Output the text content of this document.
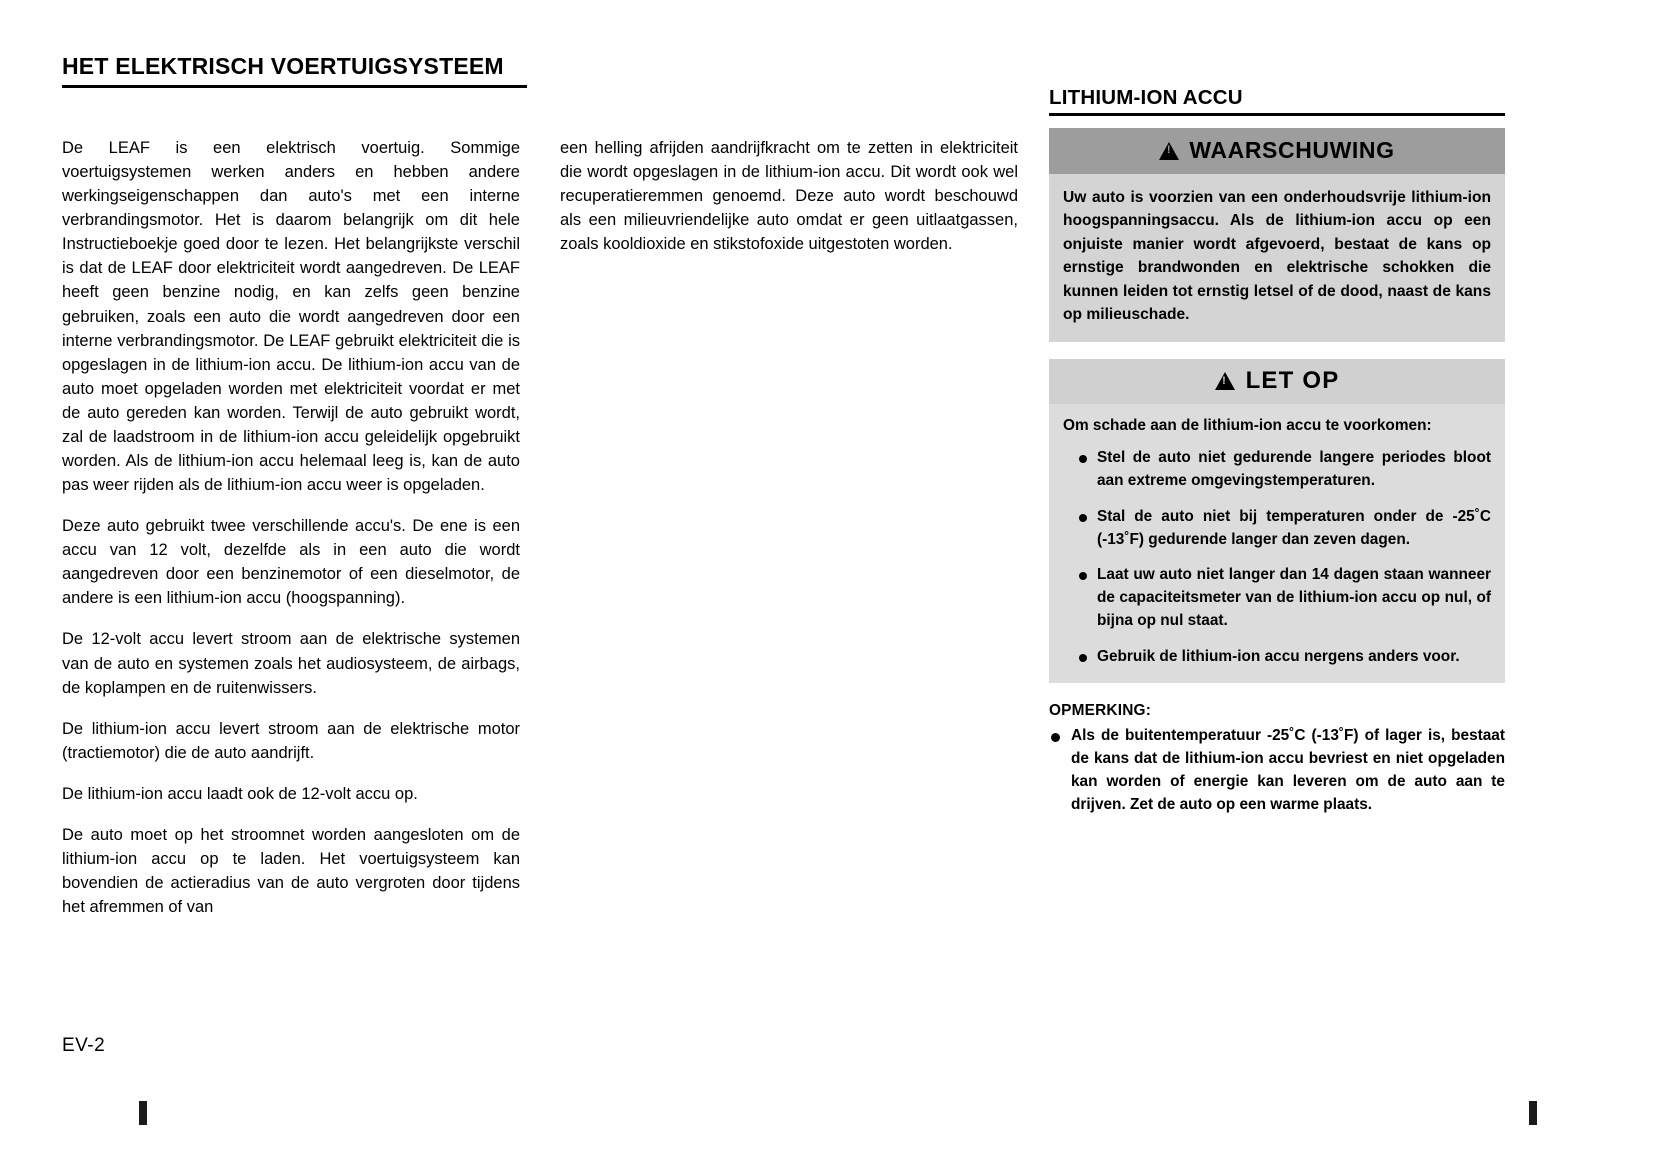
HET ELEKTRISCH VOERTUIGSYSTEEM

De LEAF is een elektrisch voertuig. Sommige voertuigsystemen werken anders en hebben andere werkingseigenschappen dan auto's met een interne verbrandingsmotor. Het is daarom belangrijk om dit hele Instructieboekje goed door te lezen. Het belangrijkste verschil is dat de LEAF door elektriciteit wordt aangedreven. De LEAF heeft geen benzine nodig, en kan zelfs geen benzine gebruiken, zoals een auto die wordt aangedreven door een interne verbrandingsmotor. De LEAF gebruikt elektriciteit die is opgeslagen in de lithium-ion accu. De lithium-ion accu van de auto moet opgeladen worden met elektriciteit voordat er met de auto gereden kan worden. Terwijl de auto gebruikt wordt, zal de laadstroom in de lithium-ion accu geleidelijk opgebruikt worden. Als de lithium-ion accu helemaal leeg is, kan de auto pas weer rijden als de lithium-ion accu weer is opgeladen.

Deze auto gebruikt twee verschillende accu's. De ene is een accu van 12 volt, dezelfde als in een auto die wordt aangedreven door een benzinemotor of een dieselmotor, de andere is een lithium-ion accu (hoogspanning).

De 12-volt accu levert stroom aan de elektrische systemen van de auto en systemen zoals het audiosysteem, de airbags, de koplampen en de ruitenwissers.

De lithium-ion accu levert stroom aan de elektrische motor (tractiemotor) die de auto aandrijft.

De lithium-ion accu laadt ook de 12-volt accu op.

De auto moet op het stroomnet worden aangesloten om de lithium-ion accu op te laden. Het voertuigsysteem kan bovendien de actieradius van de auto vergroten door tijdens het afremmen of van

een helling afrijden aandrijfkracht om te zetten in elektriciteit die wordt opgeslagen in de lithium-ion accu. Dit wordt ook wel recuperatieremmen genoemd. Deze auto wordt beschouwd als een milieuvriendelijke auto omdat er geen uitlaatgassen, zoals kooldioxide en stikstofoxide uitgestoten worden.

EV-2
LITHIUM-ION ACCU
!
WAARSCHUWING
Uw auto is voorzien van een onderhoudsvrije lithium-ion hoogspanningsaccu. Als de lithium-ion accu op een onjuiste manier wordt afgevoerd, bestaat de kans op ernstige brandwonden en elektrische schokken die kunnen leiden tot ernstig letsel of de dood, naast de kans op milieuschade.
!
LET OP

Om schade aan de lithium-ion accu te voorkomen:

Stel de auto niet gedurende langere periodes bloot aan extreme omgevingstemperaturen.
Stal de auto niet bij temperaturen onder de -25˚C (-13˚F) gedurende langer dan zeven dagen.
Laat uw auto niet langer dan 14 dagen staan wanneer de capaciteitsmeter van de lithium-ion accu op nul, of bijna op nul staat.
Gebruik de lithium-ion accu nergens anders voor.

OPMERKING:

Als de buitentemperatuur -25˚C (-13˚F) of lager is, bestaat de kans dat de lithium-ion accu bevriest en niet opgeladen kan worden of energie kan leveren om de auto aan te drijven. Zet de auto op een warme plaats.
